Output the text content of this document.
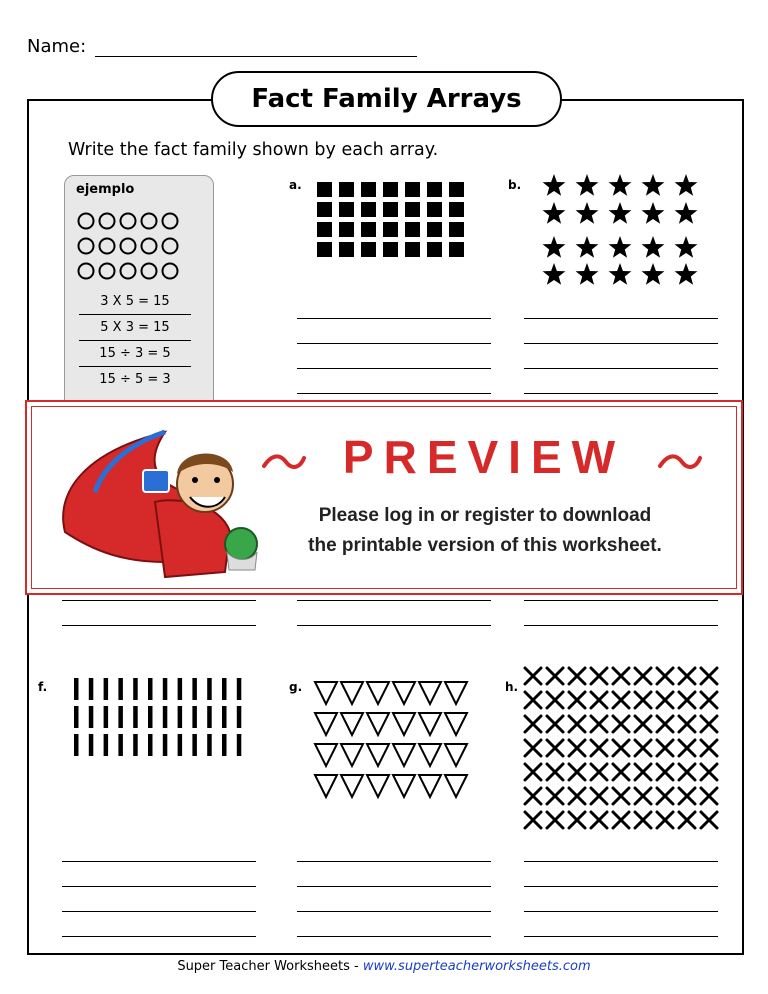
Name:
Fact Family Arrays
Write the fact family shown by each array.
ejemplo
3 X 5 = 15
5 X 3 = 15
15 ÷ 3 = 5
15 ÷ 5 = 3
a.	b.
f.	g.	h.
PREVIEW
Please log in or register to download
the printable version of this worksheet.
Super Teacher Worksheets - www.superteacherworksheets.com
